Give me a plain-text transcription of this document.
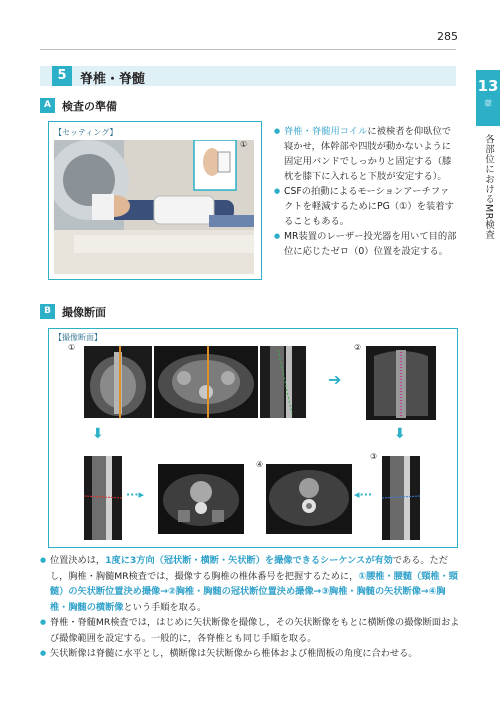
285
13
章
各部位におけるMR検査
5	脊椎・脊髄
A	検査の準備
【セッティング】
①
● 脊椎・脊髄用コイルに被検者を仰臥位で寝かせ，体幹部や四肢が動かないように固定用バンドでしっかりと固定する（膝枕を膝下に入れると下肢が安定する）。
● CSFの拍動によるモーションアーチファクトを軽減するためにPG（①）を装着することもある。
● MR装置のレーザー投光器を用いて目的部位に応じたゼロ（0）位置を設定する。
B	撮像断面
【撮像断面】
①
➔
②
⬇	⬇
···▸
④
◂···
③
● 位置決めは，1度に3方向（冠状断・横断・矢状断）を撮像できるシーケンスが有効である。ただし，胸椎・胸髄MR検査では，撮像する胸椎の椎体番号を把握するために，①腰椎・腰髄（頸椎・頸髄）の矢状断位置決め撮像→②胸椎・胸髄の冠状断位置決め撮像→③胸椎・胸髄の矢状断像→④胸椎・胸髄の横断像という手順を取る。
● 脊椎・脊髄MR検査では，はじめに矢状断像を撮像し，その矢状断像をもとに横断像の撮像断面および撮像範囲を設定する。一般的に，各脊椎とも同じ手順を取る。
● 矢状断像は脊髄に水平とし，横断像は矢状断像から椎体および椎間板の角度に合わせる。
